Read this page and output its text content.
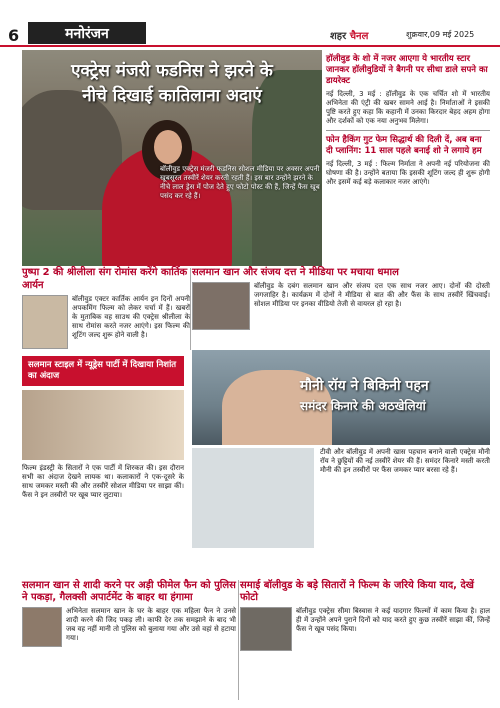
6	मनोरंजन	शहर चैनल	शुक्रवार,09 मई 2025
एक्ट्रेस मंजरी फडनिस ने झरने के
नीचे दिखाई कातिलाना अदाएं
बॉलीवुड एक्ट्रेस मंजरी फडनिस सोशल मीडिया पर अक्सर अपनी खूबसूरत तस्वीरें शेयर करती रहती हैं। इस बार उन्होंने झरने के नीचे लाल ड्रेस में पोज देते हुए फोटो पोस्ट की हैं, जिन्हें फैंस खूब पसंद कर रहे हैं।
हॉलीवुड के शो में नजर आएगा ये भारतीय स्टार जानकर हॉलीवुडियों ने बैगनी पर सीधा डाले सपने का डायरेक्ट
नई दिल्ली, 3 मई : हॉलीवुड के एक चर्चित शो में भारतीय अभिनेता की एंट्री की खबर सामने आई है। निर्माताओं ने इसकी पुष्टि करते हुए कहा कि कहानी में उनका किरदार बेहद अहम होगा और दर्शकों को एक नया अनुभव मिलेगा।
फोन हैकिंग गुट फेम सिद्धार्थ की दिली दें, अब बना दी प्लानिंग: 11 साल पहले बनाई शो ने लगाये हम
नई दिल्ली, 3 मई : फिल्म निर्माता ने अपनी नई परियोजना की घोषणा की है। उन्होंने बताया कि इसकी शूटिंग जल्द ही शुरू होगी और इसमें कई बड़े कलाकार नजर आएंगे।
पुष्पा 2 की श्रीलीला संग रोमांस करेंगे कार्तिक आर्यन
बॉलीवुड एक्टर कार्तिक आर्यन इन दिनों अपनी अपकमिंग फिल्म को लेकर चर्चा में हैं। खबरों के मुताबिक वह साउथ की एक्ट्रेस श्रीलीला के साथ रोमांस करते नजर आएंगे। इस फिल्म की शूटिंग जल्द शुरू होने वाली है।
सलमान खान और संजय दत्त ने मीडिया पर मचाया धमाल
बॉलीवुड के दबंग सलमान खान और संजय दत्त एक साथ नजर आए। दोनों की दोस्ती जगजाहिर है। कार्यक्रम में दोनों ने मीडिया से बात की और फैंस के साथ तस्वीरें खिंचवाईं। सोशल मीडिया पर इनका वीडियो तेजी से वायरल हो रहा है।
सलमान स्टाइल में न्यूड्रेस पार्टी में दिखाया निशांत का अंदाज
फिल्म इंडस्ट्री के सितारों ने एक पार्टी में शिरकत की। इस दौरान सभी का अंदाज देखने लायक था। कलाकारों ने एक-दूसरे के साथ जमकर मस्ती की और तस्वीरें सोशल मीडिया पर साझा कीं। फैंस ने इन तस्वीरों पर खूब प्यार लुटाया।
मौनी रॉय ने बिकिनी पहन
समंदर किनारे की अठखेलियां
टीवी और बॉलीवुड में अपनी खास पहचान बनाने वाली एक्ट्रेस मौनी रॉय ने छुट्टियों की नई तस्वीरें शेयर की हैं। समंदर किनारे मस्ती करती मौनी की इन तस्वीरों पर फैंस जमकर प्यार बरसा रहे हैं।
सलमान खान से शादी करने पर अड़ी फीमेल फैन को पुलिस ने पकड़ा, गैलक्सी अपार्टमेंट के बाहर था हंगामा
अभिनेता सलमान खान के घर के बाहर एक महिला फैन ने उनसे शादी करने की जिद पकड़ ली। काफी देर तक समझाने के बाद भी जब वह नहीं मानी तो पुलिस को बुलाया गया और उसे वहां से हटाया गया।
समाई बॉलीवुड के बड़े सितारों ने फिल्म के जरिये किया याद, देखें फोटो
बॉलीवुड एक्ट्रेस सीमा बिस्वास ने कई यादगार फिल्मों में काम किया है। हाल ही में उन्होंने अपने पुराने दिनों को याद करते हुए कुछ तस्वीरें साझा कीं, जिन्हें फैंस ने खूब पसंद किया।
